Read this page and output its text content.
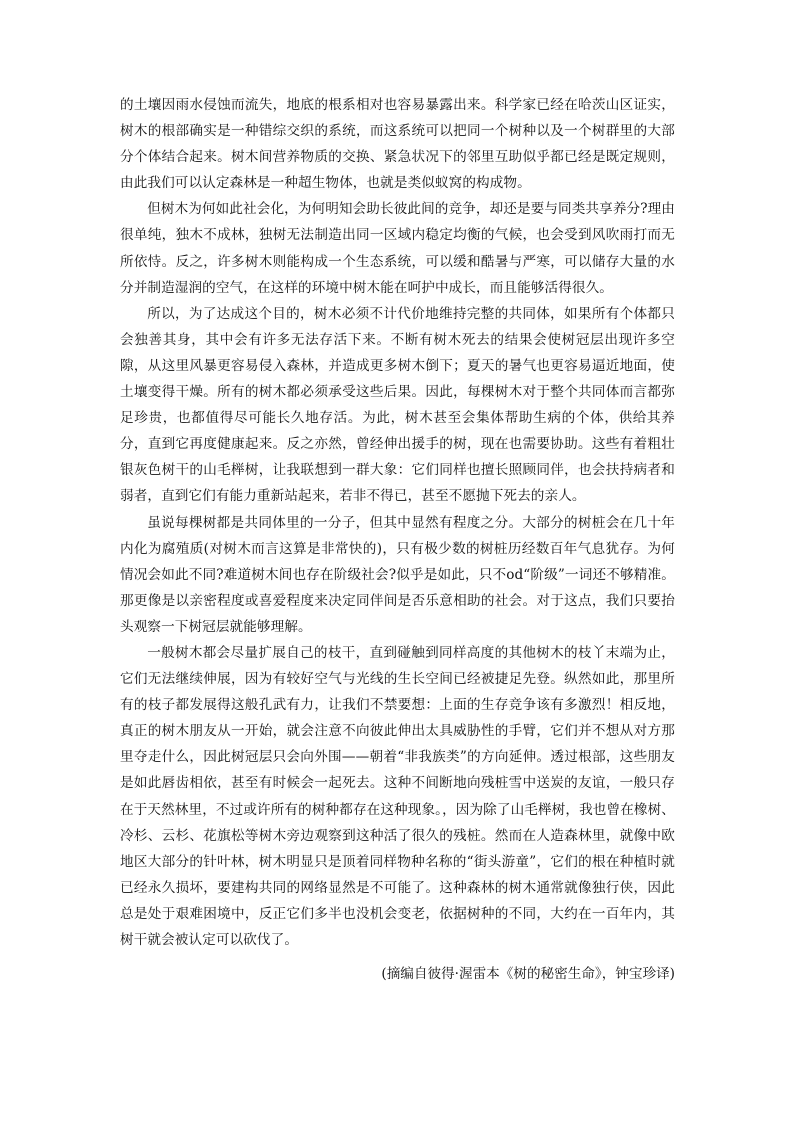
的土壤因雨水侵蚀而流失，地底的根系相对也容易暴露出来。科学家已经在哈茨山区证实，树木的根部确实是一种错综交织的系统，而这系统可以把同一个树种以及一个树群里的大部分个体结合起来。树木间营养物质的交换、紧急状况下的邻里互助似乎都已经是既定规则，由此我们可以认定森林是一种超生物体，也就是类似蚁窝的构成物。

但树木为何如此社会化，为何明知会助长彼此间的竞争，却还是要与同类共享养分?理由很单纯，独木不成林，独树无法制造出同一区域内稳定均衡的气候，也会受到风吹雨打而无所依恃。反之，许多树木则能构成一个生态系统，可以缓和酷暑与严寒，可以储存大量的水分并制造湿润的空气，在这样的环境中树木能在呵护中成长，而且能够活得很久。

所以，为了达成这个目的，树木必须不计代价地维持完整的共同体，如果所有个体都只会独善其身，其中会有许多无法存活下来。不断有树木死去的结果会使树冠层出现许多空隙，从这里风暴更容易侵入森林，并造成更多树木倒下；夏天的暑气也更容易逼近地面，使土壤变得干燥。所有的树木都必须承受这些后果。因此，每棵树木对于整个共同体而言都弥足珍贵，也都值得尽可能长久地存活。为此，树木甚至会集体帮助生病的个体，供给其养分，直到它再度健康起来。反之亦然，曾经伸出援手的树，现在也需要协助。这些有着粗壮银灰色树干的山毛榉树，让我联想到一群大象：它们同样也擅长照顾同伴，也会扶持病者和弱者，直到它们有能力重新站起来，若非不得已，甚至不愿抛下死去的亲人。

虽说每棵树都是共同体里的一分子，但其中显然有程度之分。大部分的树桩会在几十年内化为腐殖质(对树木而言这算是非常快的)，只有极少数的树桩历经数百年气息犹存。为何情况会如此不同?难道树木间也存在阶级社会?似乎是如此，只不od“阶级”一词还不够精准。那更像是以亲密程度或喜爱程度来决定同伴间是否乐意相助的社会。对于这点，我们只要抬头观察一下树冠层就能够理解。

一般树木都会尽量扩展自己的枝干，直到碰触到同样高度的其他树木的枝丫末端为止，它们无法继续伸展，因为有较好空气与光线的生长空间已经被捷足先登。纵然如此，那里所有的枝子都发展得这般孔武有力，让我们不禁要想：上面的生存竞争该有多激烈！相反地，真正的树木朋友从一开始，就会注意不向彼此伸出太具威胁性的手臂，它们并不想从对方那里夺走什么，因此树冠层只会向外围——朝着“非我族类”的方向延伸。透过根部，这些朋友是如此唇齿相依，甚至有时候会一起死去。这种不间断地向残桩雪中送炭的友谊，一般只存在于天然林里，不过或许所有的树种都存在这种现象。，因为除了山毛榉树，我也曾在橡树、冷杉、云杉、花旗松等树木旁边观察到这种活了很久的残桩。然而在人造森林里，就像中欧地区大部分的针叶林，树木明显只是顶着同样物种名称的“街头游童”，它们的根在种植时就已经永久损坏，要建构共同的网络显然是不可能了。这种森林的树木通常就像独行侠，因此总是处于艰难困境中，反正它们多半也没机会变老，依据树种的不同，大约在一百年内，其树干就会被认定可以砍伐了。

(摘编自彼得·渥雷本《树的秘密生命》，钟宝珍译)
